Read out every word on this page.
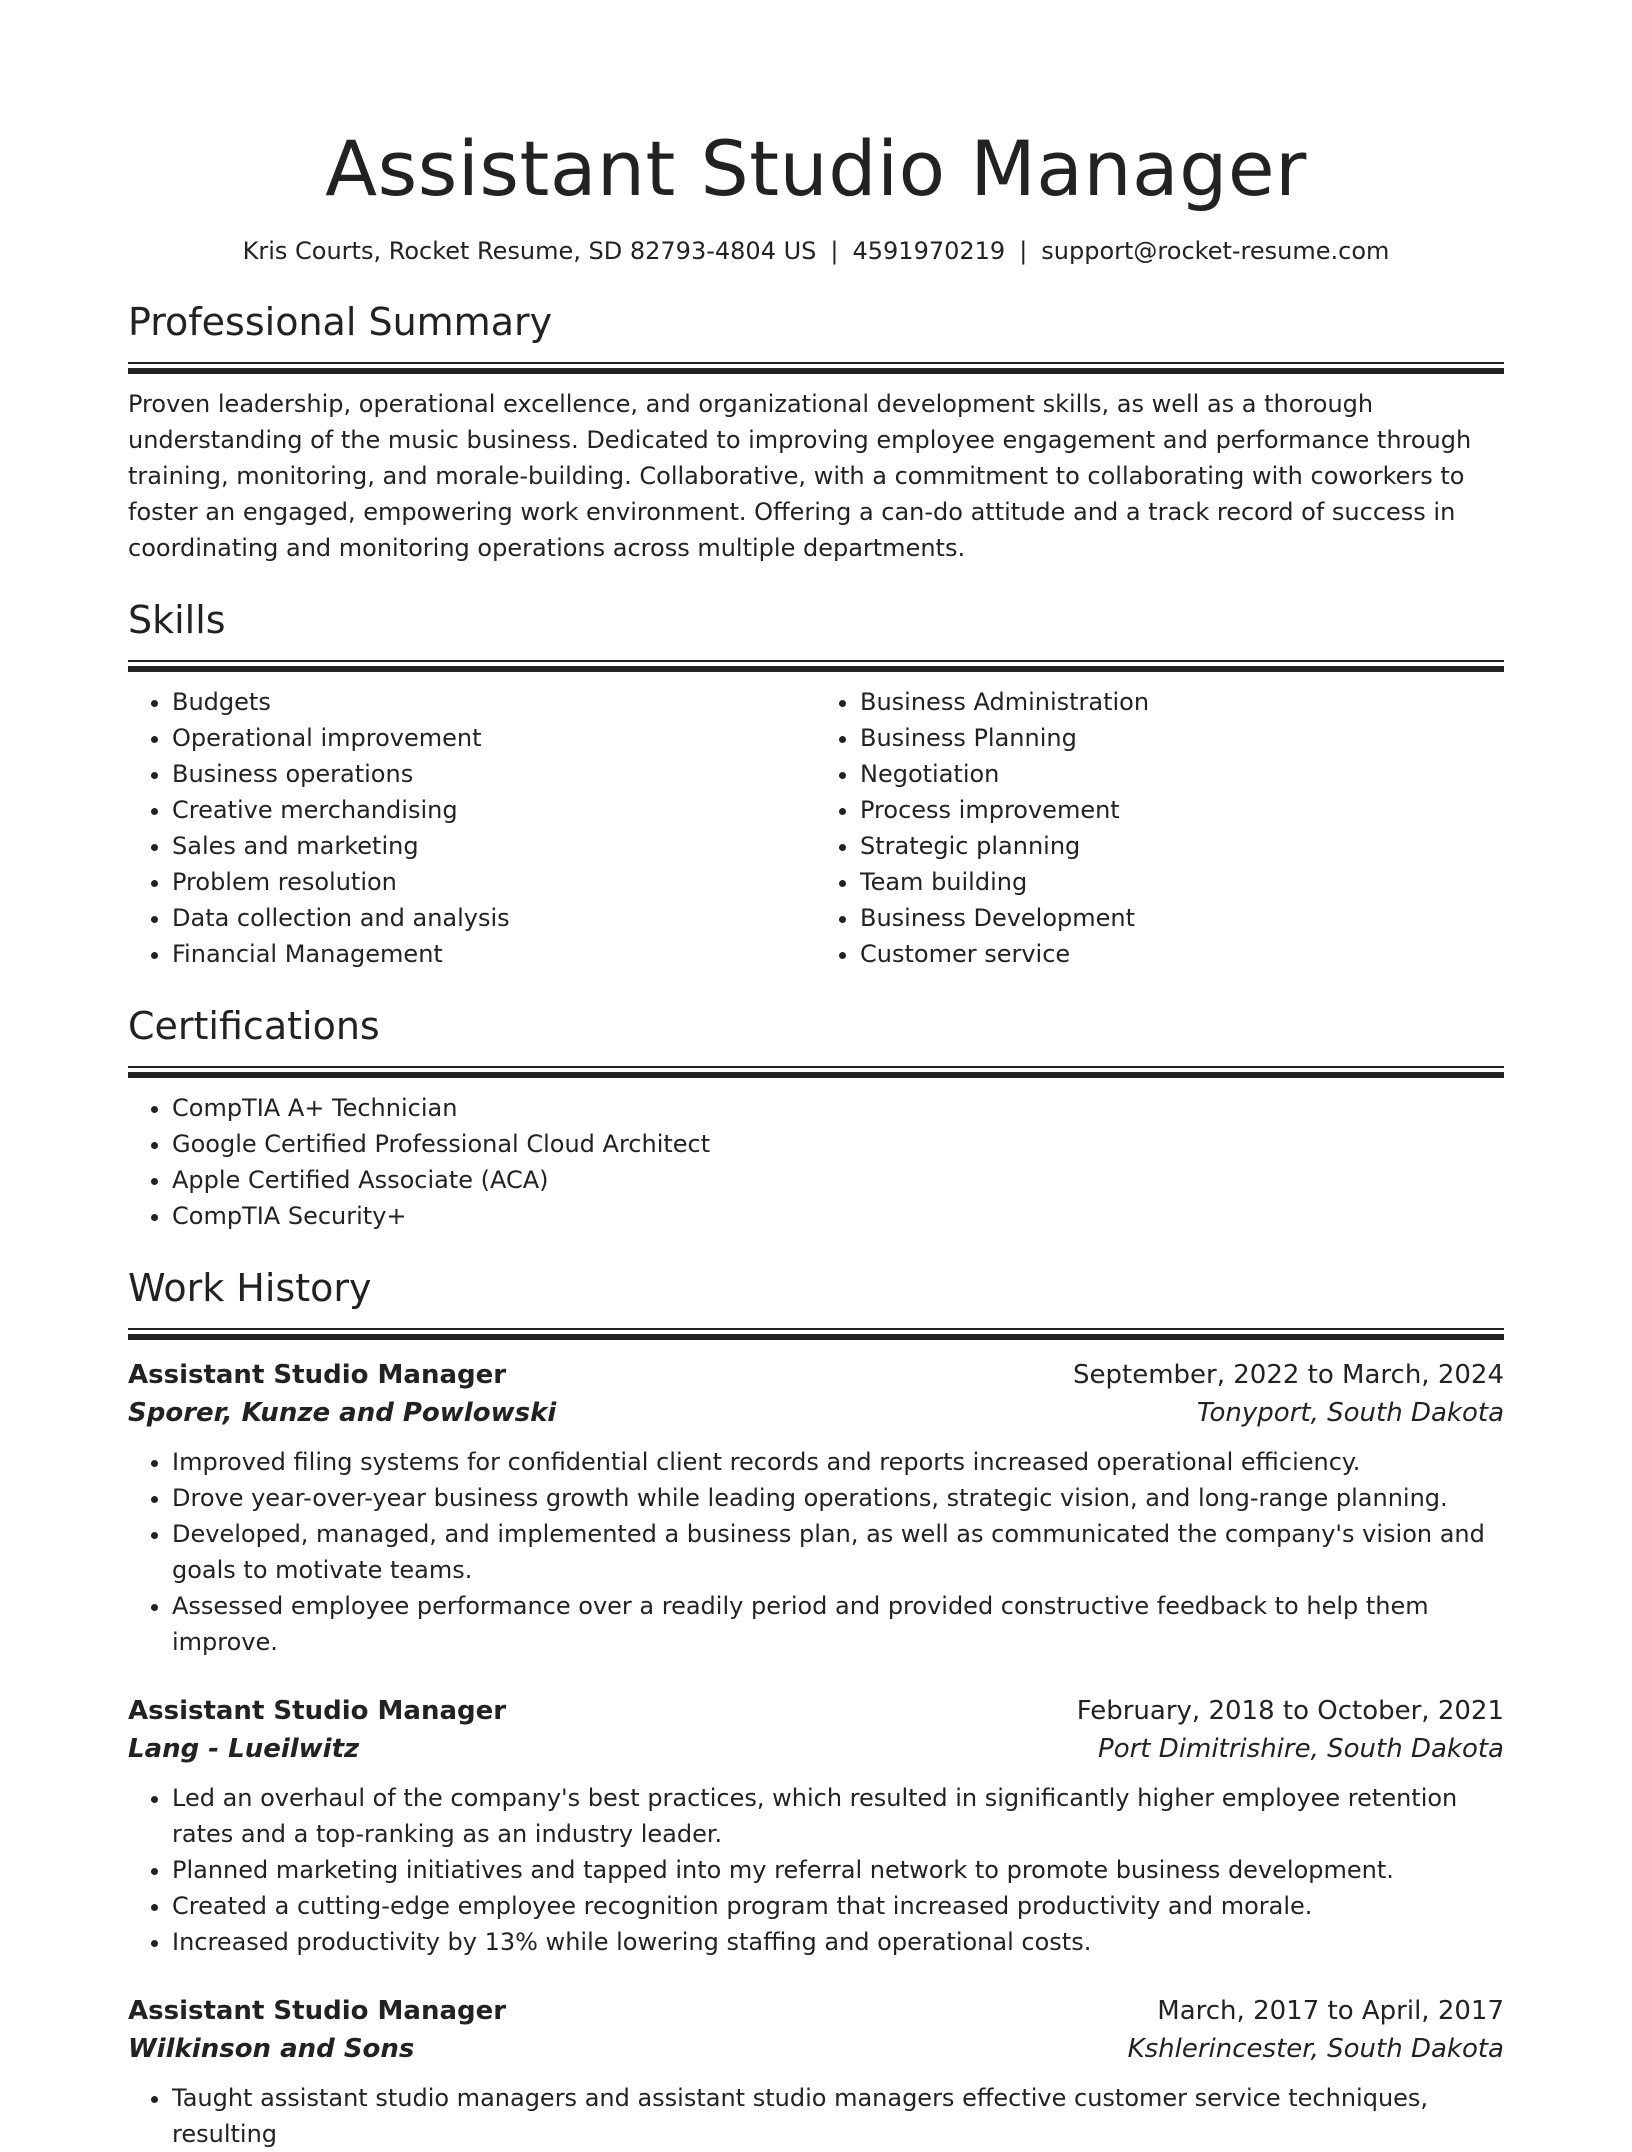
Assistant Studio Manager
Kris Courts, Rocket Resume, SD 82793-4804 US | 4591970219 | support@rocket-resume.com
Professional Summary
Proven leadership, operational excellence, and organizational development skills, as well as a thorough understanding of the music business. Dedicated to improving employee engagement and performance through training, monitoring, and morale-building. Collaborative, with a commitment to collaborating with coworkers to foster an engaged, empowering work environment. Offering a can-do attitude and a track record of success in coordinating and monitoring operations across multiple departments.
Skills
• Budgets
• Operational improvement
• Business operations
• Creative merchandising
• Sales and marketing
• Problem resolution
• Data collection and analysis
• Financial Management
• Business Administration
• Business Planning
• Negotiation
• Process improvement
• Strategic planning
• Team building
• Business Development
• Customer service
Certifications
• CompTIA A+ Technician
• Google Certified Professional Cloud Architect
• Apple Certified Associate (ACA)
• CompTIA Security+
Work History
Assistant Studio Manager	September, 2022 to March, 2024
Sporer, Kunze and Powlowski	Tonyport, South Dakota
• Improved filing systems for confidential client records and reports increased operational efficiency.
• Drove year-over-year business growth while leading operations, strategic vision, and long-range planning.
• Developed, managed, and implemented a business plan, as well as communicated the company's vision and goals to motivate teams.
• Assessed employee performance over a readily period and provided constructive feedback to help them improve.
Assistant Studio Manager	February, 2018 to October, 2021
Lang - Lueilwitz	Port Dimitrishire, South Dakota
• Led an overhaul of the company's best practices, which resulted in significantly higher employee retention rates and a top-ranking as an industry leader.
• Planned marketing initiatives and tapped into my referral network to promote business development.
• Created a cutting-edge employee recognition program that increased productivity and morale.
• Increased productivity by 13% while lowering staffing and operational costs.
Assistant Studio Manager	March, 2017 to April, 2017
Wilkinson and Sons	Kshlerincester, South Dakota
• Taught assistant studio managers and assistant studio managers effective customer service techniques, resulting
